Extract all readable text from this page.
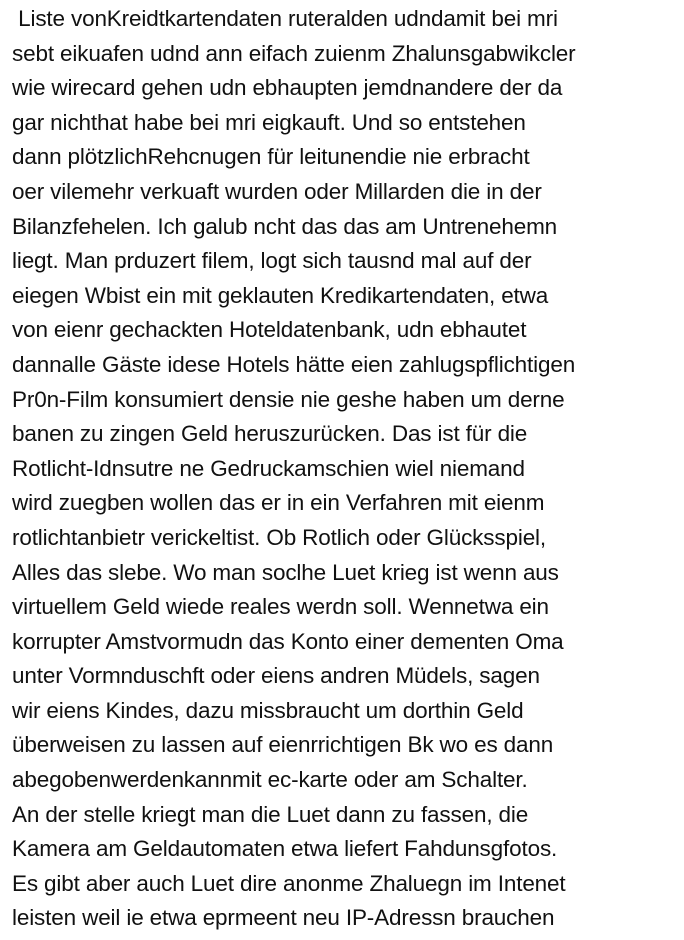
Liste vonKreidtkartendaten ruteralden udndamit bei mri
sebt eikuafen udnd ann eifach zuienm Zhalunsgabwikcler
wie wirecard gehen udn ebhaupten jemdnandere der da
gar nichthat habe bei mri eigkauft. Und so entstehen
dann plötzlichRehcnugen für leitunendie nie erbracht
oer vilemehr verkuaft wurden oder Millarden die in der
Bilanzfehelen. Ich galub ncht das das am Untrenehemn
liegt. Man prduzert filem, logt sich tausnd mal auf der
eiegen Wbist ein mit geklauten Kredikartendaten, etwa
von eienr gechackten Hoteldatenbank, udn ebhautet
dannalle Gäste idese Hotels hätte eien zahlugspflichtigen
Pr0n-Film konsumiert densie nie geshe haben um derne
banen zu zingen Geld heruszurücken. Das ist für die
Rotlicht-Idnsutre ne Gedruckamschien wiel niemand
wird zuegben wollen das er in ein Verfahren mit eienm
rotlichtanbietr verickeltist. Ob Rotlich oder Glücksspiel,
Alles das slebe. Wo man soclhe Luet krieg ist wenn aus
virtuellem Geld wiede reales werdn soll. Wennetwa ein
korrupter Amstvormudn das Konto einer dementen Oma
unter Vormnduschft oder eiens andren Müdels, sagen
wir eiens Kindes, dazu missbraucht um dorthin Geld
überweisen zu lassen auf eienrrichtigen Bk wo es dann
abegobenwerdenkannmit ec-karte oder am Schalter.
An der stelle kriegt man die Luet dann zu fassen, die
Kamera am Geldautomaten etwa liefert Fahdunsgfotos.
Es gibt aber auch Luet dire anonme Zhaluegn im Intenet
leisten weil ie etwa eprmeent neu IP-Adressn brauchen
